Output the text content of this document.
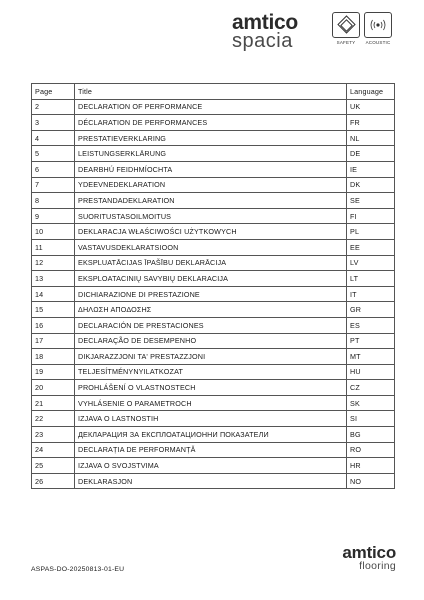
amtico
spacia	SAFETY	ACOUSTIC
Page	Title	Language
2	DECLARATION OF PERFORMANCE	UK
3	DÉCLARATION DE PERFORMANCES	FR
4	PRESTATIEVERKLARING	NL
5	LEISTUNGSERKLÄRUNG	DE
6	DEARBHÚ FEIDHMÍOCHTA	IE
7	YDEEVNEDEKLARATION	DK
8	PRESTANDADEKLARATION	SE
9	SUORITUSTASOILMOITUS	FI
10	DEKLARACJA WŁAŚCIWOŚCI UŻYTKOWYCH	PL
11	VASTAVUSDEKLARATSIOON	EE
12	EKSPLUATĀCIJAS ĪPAŠĪBU DEKLARĀCIJA	LV
13	EKSPLOATACINIŲ SAVYBIŲ DEKLARACIJA	LT
14	DICHIARAZIONE DI PRESTAZIONE	IT
15	ΔΗΛΩΣΗ ΑΠΟΔΟΣΗΣ	GR
16	DECLARACIÓN DE PRESTACIONES	ES
17	DECLARAÇÃO DE DESEMPENHO	PT
18	DIKJARAZZJONI TA' PRESTAZZJONI	MT
19	TELJESÍTMÉNYNYILATKOZAT	HU
20	PROHLÁŠENÍ O VLASTNOSTECH	CZ
21	VYHLÁSENIE O PARAMETROCH	SK
22	IZJAVA O LASTNOSTIH	SI
23	ДЕКЛАРАЦИЯ ЗА ЕКСПЛОАТАЦИОННИ ПОКАЗАТЕЛИ	BG
24	DECLARAȚIA DE PERFORMANȚĂ	RO
25	IZJAVA O SVOJSTVIMA	HR
26	DEKLARASJON	NO
ASPAS-DO-20250813-01-EU
amtico
flooring
